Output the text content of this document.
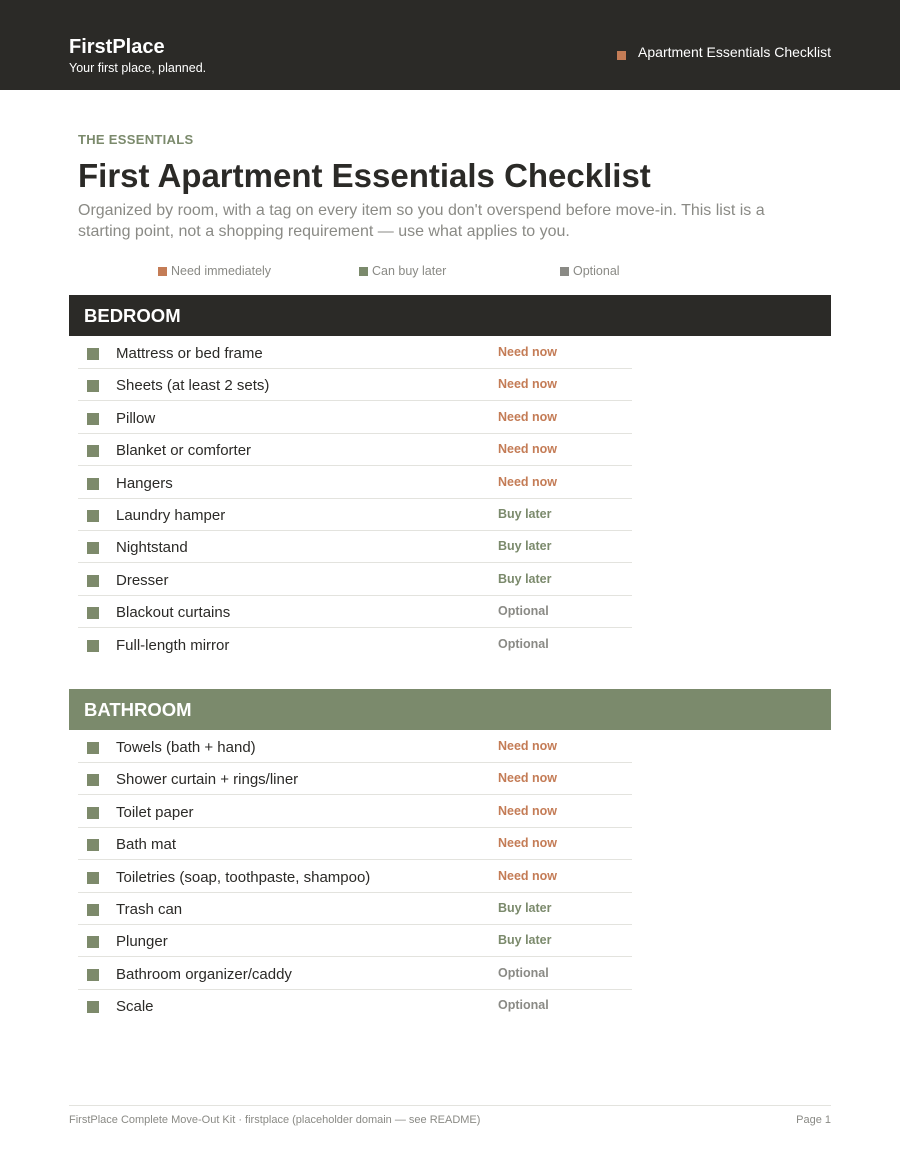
FirstPlace
Your first place, planned.
Apartment Essentials Checklist
THE ESSENTIALS
First Apartment Essentials Checklist

Organized by room, with a tag on every item so you don't overspend before move-in. This list is a starting point, not a shopping requirement — use what applies to you.

Need immediately	Can buy later	Optional
BEDROOM
Mattress or bed frame	Need now
Sheets (at least 2 sets)	Need now
Pillow	Need now
Blanket or comforter	Need now
Hangers	Need now
Laundry hamper	Buy later
Nightstand	Buy later
Dresser	Buy later
Blackout curtains	Optional
Full-length mirror	Optional
BATHROOM
Towels (bath + hand)	Need now
Shower curtain + rings/liner	Need now
Toilet paper	Need now
Bath mat	Need now
Toiletries (soap, toothpaste, shampoo)	Need now
Trash can	Buy later
Plunger	Buy later
Bathroom organizer/caddy	Optional
Scale	Optional
FirstPlace Complete Move-Out Kit · firstplace (placeholder domain — see README)	Page 1
